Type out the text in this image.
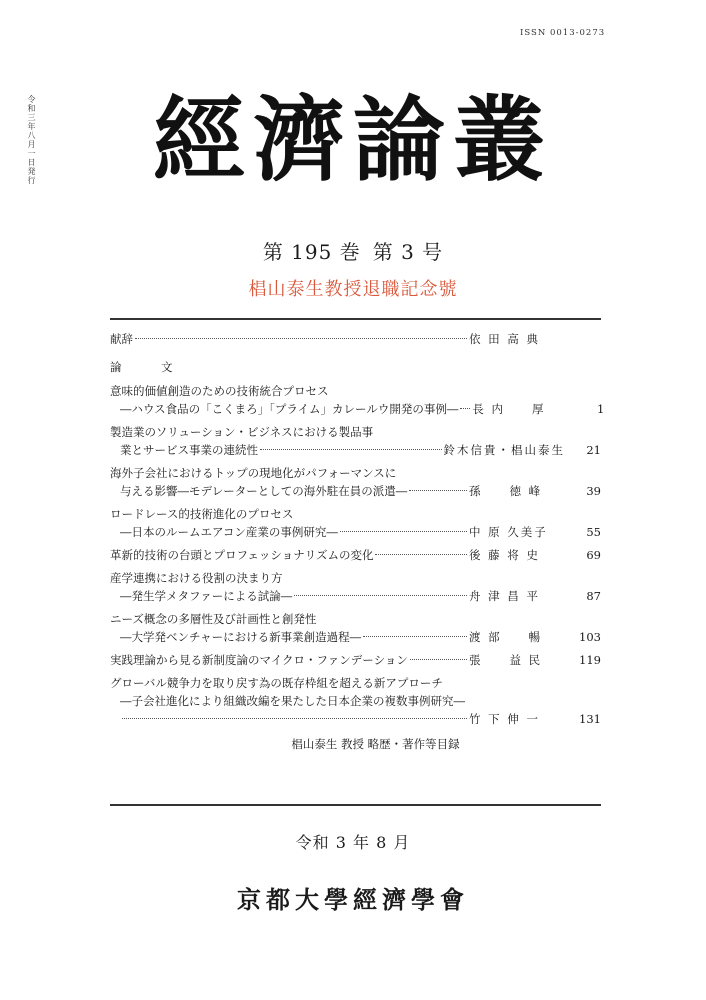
ISSN 0013-0273
令和三年八月一日発行	經濟論叢
第 195 巻 第 3 号
椙山泰生教授退職記念號
献辞	依 田 高 典
論　文
意味的価値創造のための技術統合プロセス
―ハウス食品の「こくまろ」「プライム」カレールウ開発の事例― 長 内　　厚	1
製造業のソリューション・ビジネスにおける製品事
業とサービス事業の連続性	鈴木信貴・椙山泰生	21
海外子会社におけるトップの現地化がパフォーマンスに
与える影響―モデレーターとしての海外駐在員の派遣―	孫　　徳 峰	39
ロードレース的技術進化のプロセス
―日本のルームエアコン産業の事例研究―	中 原 久美子	55
革新的技術の台頭とプロフェッショナリズムの変化	後 藤 将 史	69
産学連携における役割の決まり方
―発生学メタファーによる試論―	舟 津 昌 平	87
ニーズ概念の多層性及び計画性と創発性
―大学発ベンチャーにおける新事業創造過程―	渡 部　　暢	103
実践理論から見る新制度論のマイクロ・ファンデーション	張　　益 民	119
グローバル競争力を取り戻す為の既存枠組を超える新アプローチ
―子会社進化により組織改編を果たした日本企業の複数事例研究―
竹 下 伸 一	131
椙山泰生 教授 略歴・著作等目録
令和 3 年 8 月
京都大學經濟學會
